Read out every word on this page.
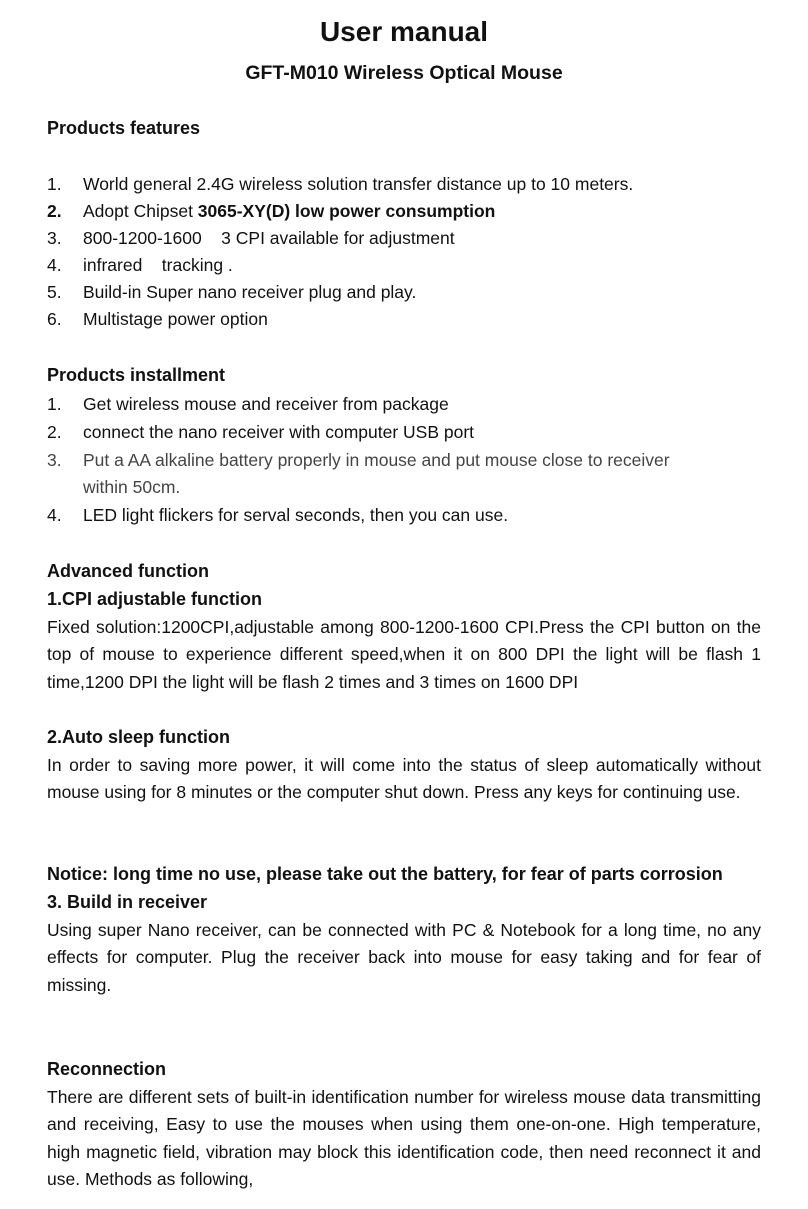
User manual
GFT-M010 Wireless Optical Mouse
Products features
1. World general 2.4G wireless solution transfer distance up to 10 meters.
2. Adopt Chipset 3065-XY(D) low power consumption
3. 800-1200-1600    3 CPI available for adjustment
4. infrared    tracking .
5. Build-in Super nano receiver plug and play.
6. Multistage power option
Products installment
1. Get wireless mouse and receiver from package
2. connect the nano receiver with computer USB port
3. Put a AA alkaline battery properly in mouse and put mouse close to receiver
within 50cm.
4. LED light flickers for serval seconds, then you can use.
Advanced function
1.CPI adjustable function
Fixed solution:1200CPI,adjustable among 800-1200-1600 CPI.Press the CPI button on the top of mouse to experience different speed,when it on 800 DPI the light will be flash 1 time,1200 DPI the light will be flash 2 times and 3 times on 1600 DPI
2.Auto sleep function
In order to saving more power, it will come into the status of sleep automatically without mouse using for 8 minutes or the computer shut down. Press any keys for continuing use.
Notice: long time no use, please take out the battery, for fear of parts corrosion
3. Build in receiver
Using super Nano receiver, can be connected with PC & Notebook for a long time, no any effects for computer. Plug the receiver back into mouse for easy taking and for fear of missing.
Reconnection
There are different sets of built-in identification number for wireless mouse data transmitting and receiving, Easy to use the mouses when using them one-on-one. High temperature, high magnetic field, vibration may block this identification code, then need reconnect it and use. Methods as following,
